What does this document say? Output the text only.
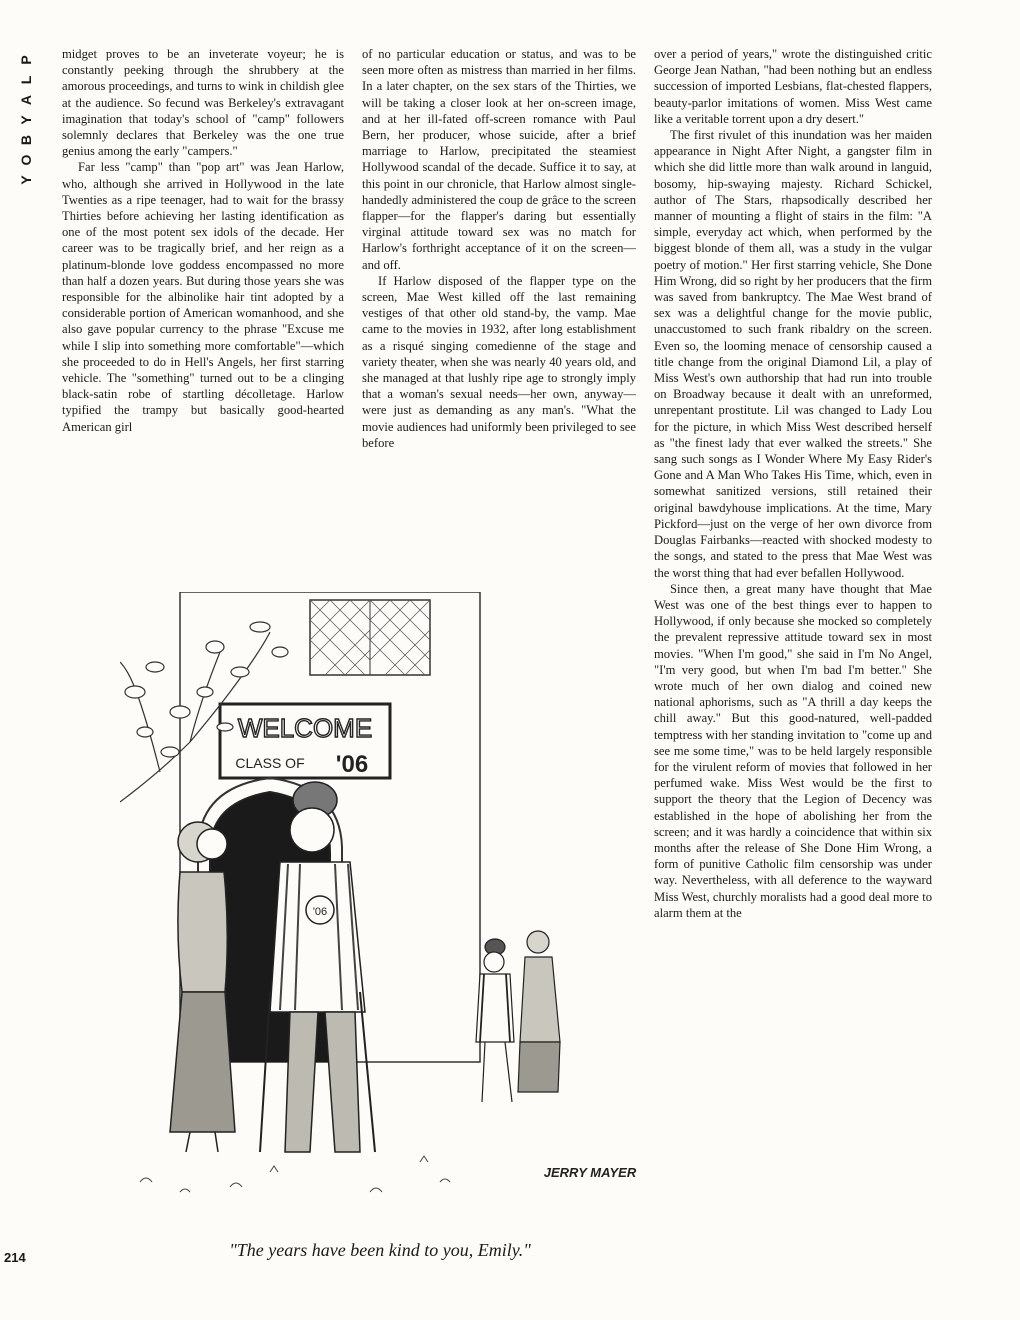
P
L
A
Y
B
O
Y

midget proves to be an inveterate voyeur; he is constantly peeking through the shrubbery at the amorous proceedings, and turns to wink in childish glee at the audience. So fecund was Berkeley's extravagant imagination that today's school of "camp" followers solemnly declares that Berkeley was the one true genius among the early "campers."

Far less "camp" than "pop art" was Jean Harlow, who, although she arrived in Hollywood in the late Twenties as a ripe teenager, had to wait for the brassy Thirties before achieving her lasting identification as one of the most potent sex idols of the decade. Her career was to be tragically brief, and her reign as a platinum-blonde love goddess encompassed no more than half a dozen years. But during those years she was responsible for the albinolike hair tint adopted by a considerable portion of American womanhood, and she also gave popular currency to the phrase "Excuse me while I slip into something more comfortable"—which she proceeded to do in Hell's Angels, her first starring vehicle. The "something" turned out to be a clinging black-satin robe of startling décolletage. Harlow typified the trampy but basically good-hearted American girl

of no particular education or status, and was to be seen more often as mistress than married in her films. In a later chapter, on the sex stars of the Thirties, we will be taking a closer look at her on-screen image, and at her ill-fated off-screen romance with Paul Bern, her producer, whose suicide, after a brief marriage to Harlow, precipitated the steamiest Hollywood scandal of the decade. Suffice it to say, at this point in our chronicle, that Harlow almost single-handedly administered the coup de grâce to the screen flapper—for the flapper's daring but essentially virginal attitude toward sex was no match for Harlow's forthright acceptance of it on the screen—and off.

If Harlow disposed of the flapper type on the screen, Mae West killed off the last remaining vestiges of that other old stand-by, the vamp. Mae came to the movies in 1932, after long establishment as a risqué singing comedienne of the stage and variety theater, when she was nearly 40 years old, and she managed at that lushly ripe age to strongly imply that a woman's sexual needs—her own, anyway—were just as demanding as any man's. "What the movie audiences had uniformly been privileged to see before

over a period of years," wrote the distinguished critic George Jean Nathan, "had been nothing but an endless succession of imported Lesbians, flat-chested flappers, beauty-parlor imitations of women. Miss West came like a veritable torrent upon a dry desert."

The first rivulet of this inundation was her maiden appearance in Night After Night, a gangster film in which she did little more than walk around in languid, bosomy, hip-swaying majesty. Richard Schickel, author of The Stars, rhapsodically described her manner of mounting a flight of stairs in the film: "A simple, everyday act which, when performed by the biggest blonde of them all, was a study in the vulgar poetry of motion." Her first starring vehicle, She Done Him Wrong, did so right by her producers that the firm was saved from bankruptcy. The Mae West brand of sex was a delightful change for the movie public, unaccustomed to such frank ribaldry on the screen. Even so, the looming menace of censorship caused a title change from the original Diamond Lil, a play of Miss West's own authorship that had run into trouble on Broadway because it dealt with an unreformed, unrepentant prostitute. Lil was changed to Lady Lou for the picture, in which Miss West described herself as "the finest lady that ever walked the streets." She sang such songs as I Wonder Where My Easy Rider's Gone and A Man Who Takes His Time, which, even in somewhat sanitized versions, still retained their original bawdyhouse implications. At the time, Mary Pickford—just on the verge of her own divorce from Douglas Fairbanks—reacted with shocked modesty to the songs, and stated to the press that Mae West was the worst thing that had ever befallen Hollywood.

Since then, a great many have thought that Mae West was one of the best things ever to happen to Hollywood, if only because she mocked so completely the prevalent repressive attitude toward sex in most movies. "When I'm good," she said in I'm No Angel, "I'm very good, but when I'm bad I'm better." She wrote much of her own dialog and coined new national aphorisms, such as "A thrill a day keeps the chill away." But this good-natured, well-padded temptress with her standing invitation to "come up and see me some time," was to be held largely responsible for the virulent reform of movies that followed in her perfumed wake. Miss West would be the first to support the theory that the Legion of Decency was established in the hope of abolishing her from the screen; and it was hardly a coincidence that within six months after the release of She Done Him Wrong, a form of punitive Catholic film censorship was under way. Nevertheless, with all deference to the wayward Miss West, churchly moralists had a good deal more to alarm them at the

WELCOME
CLASS OF '06
'06
JERRY MAYER
"The years have been kind to you, Emily."
214
